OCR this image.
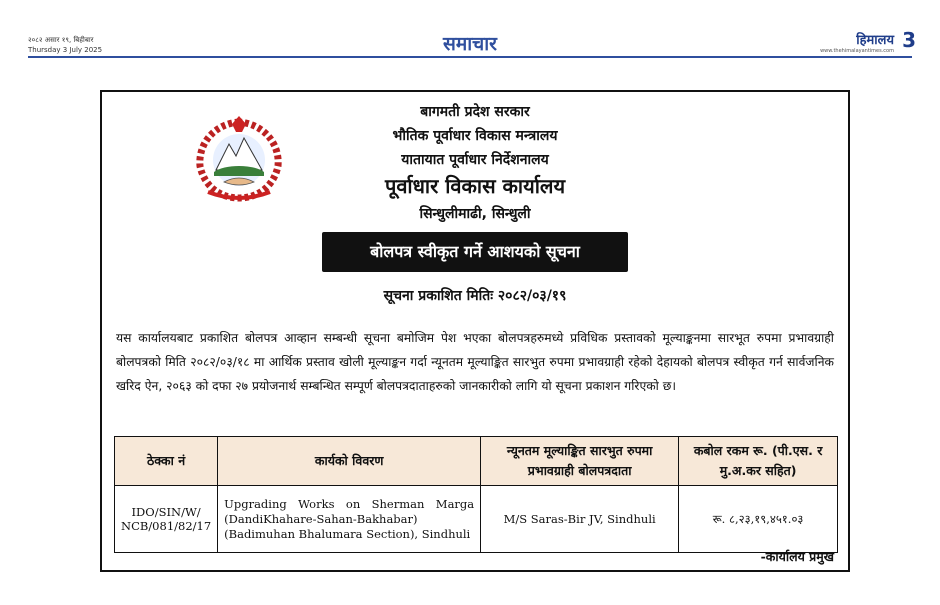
२०८२ असार १९, बिहीबार
Thursday 3 July 2025	समाचार	हिमालय
www.thehimalayantimes.com 3
बागमती प्रदेश सरकार
भौतिक पूर्वाधार विकास मन्त्रालय
यातायात पूर्वाधार निर्देशनालय
पूर्वाधार विकास कार्यालय
सिन्धुलीमाढी, सिन्धुली
बोलपत्र स्वीकृत गर्ने आशयको सूचना
सूचना प्रकाशित मितिः २०८२/०३/१९
यस कार्यालयबाट प्रकाशित बोलपत्र आव्हान सम्बन्धी सूचना बमोजिम पेश भएका बोलपत्रहरुमध्ये प्रविधिक प्रस्तावको मूल्याङ्कनमा सारभूत रुपमा प्रभावग्राही बोलपत्रको मिति २०८२/०३/१८ मा आर्थिक प्रस्ताव खोली मूल्याङ्कन गर्दा न्यूनतम मूल्याङ्कित सारभुत रुपमा प्रभावग्राही रहेको देहायको बोलपत्र स्वीकृत गर्न सार्वजनिक खरिद ऐन, २०६३ को दफा २७ प्रयोजनार्थ सम्बन्धित सम्पूर्ण बोलपत्रदाताहरुको जानकारीको लागि यो सूचना प्रकाशन गरिएको छ।
ठेक्का नं	कार्यको विवरण	न्यूनतम मूल्याङ्कित सारभुत रुपमा प्रभावग्राही बोलपत्रदाता	कबोल रकम रू. (पी.एस. र मु.अ.कर सहित)
IDO/SIN/W/ NCB/081/82/17	Upgrading Works on Sherman Marga (DandiKhahare-Sahan-Bakhabar) (Badimuhan Bhalumara Section), Sindhuli	M/S Saras-Bir JV, Sindhuli	रू. ८,२३,१९,४५१.०३
-कार्यालय प्रमुख
